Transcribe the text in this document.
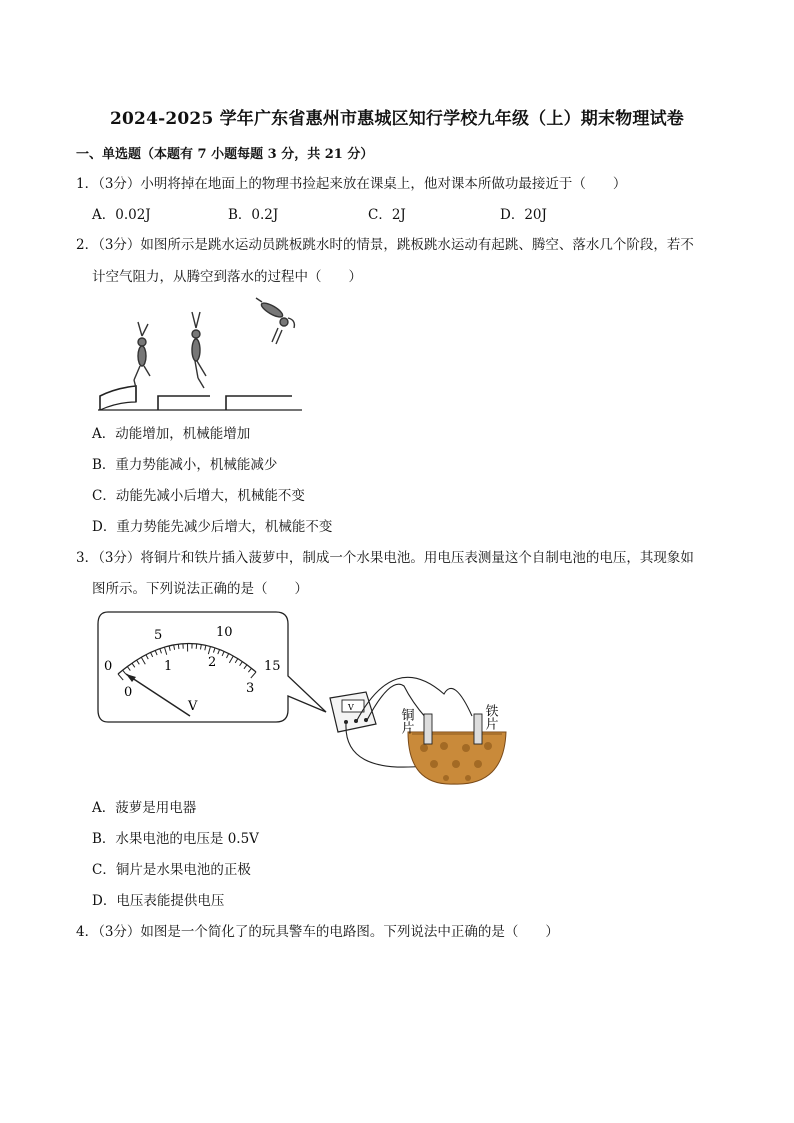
2024-2025 学年广东省惠州市惠城区知行学校九年级（上）期末物理试卷
一、单选题（本题有 7 小题每题 3 分，共 21 分）
1．（3分）小明将掉在地面上的物理书捡起来放在课桌上，他对课本所做功最接近于（　　）
A．0.02J	B．0.2J	C．2J	D．20J
2．（3分）如图所示是跳水运动员跳板跳水时的情景，跳板跳水运动有起跳、腾空、落水几个阶段，若不
计空气阻力，从腾空到落水的过程中（　　）
A．动能增加，机械能增加
B．重力势能减小，机械能减少
C．动能先减小后增大，机械能不变
D．重力势能先减少后增大，机械能不变
3．（3分）将铜片和铁片插入菠萝中，制成一个水果电池。用电压表测量这个自制电池的电压，其现象如
图所示。下列说法正确的是（　　）
0
5	10
15
0
1	2
3
V	V
铜片	铁片
A．菠萝是用电器
B．水果电池的电压是 0.5V
C．铜片是水果电池的正极
D．电压表能提供电压
4．（3分）如图是一个简化了的玩具警车的电路图。下列说法中正确的是（　　）
